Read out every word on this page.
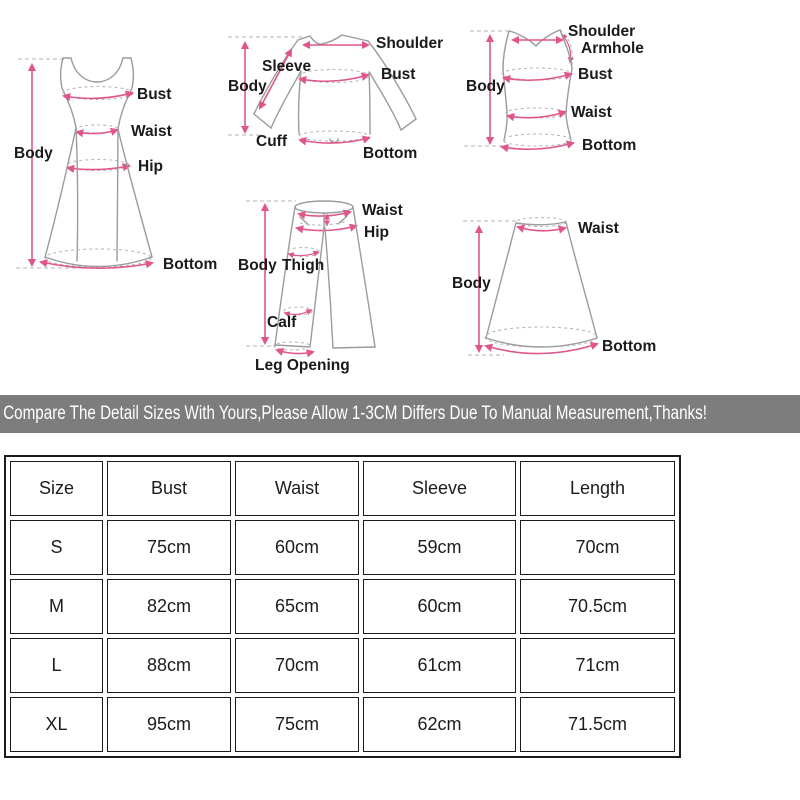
Body
Bust
Waist
Hip
Bottom
Shoulder
Sleeve
Body
Bust
Cuff
Bottom
Shoulder
Armhole
Body
Bust
Waist
Bottom
Waist
Hip
Body Thigh
Calf
Leg Opening
Waist
Body
Bottom
Compare The Detail Sizes With Yours,Please Allow 1-3CM Differs Due To Manual Measurement,Thanks!
Size	Bust	Waist	Sleeve	Length
S	75cm	60cm	59cm	70cm
M	82cm	65cm	60cm	70.5cm
L	88cm	70cm	61cm	71cm
XL	95cm	75cm	62cm	71.5cm
